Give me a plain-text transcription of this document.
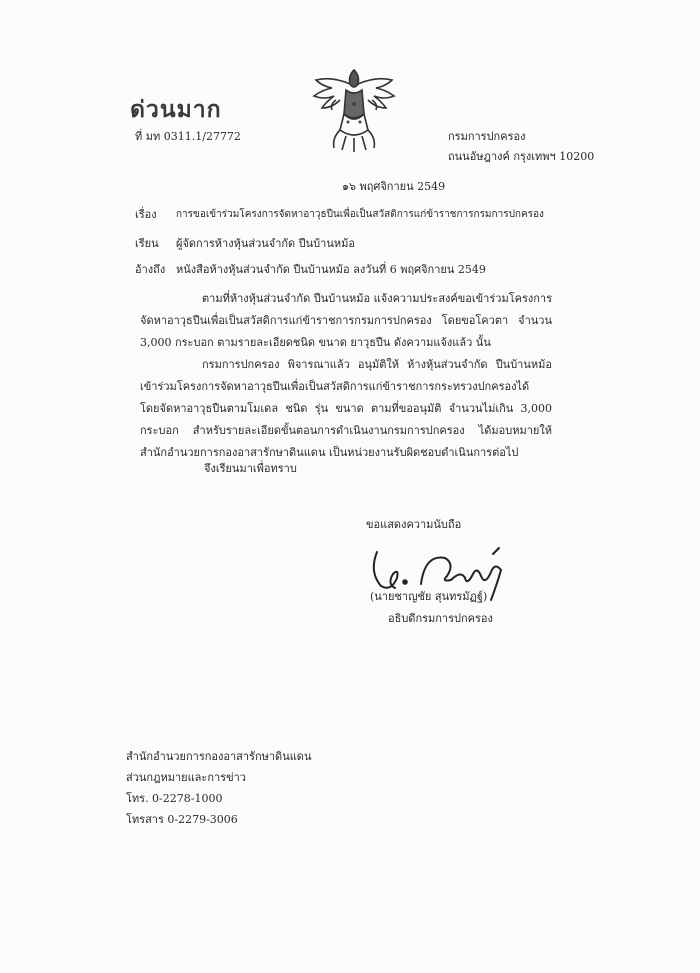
ด่วนมาก
ที่ มท 0311.1/27772	กรมการปกครอง
ถนนอัษฎางค์ กรุงเทพฯ 10200
๑๖ พฤศจิกายน 2549
เรื่อง การขอเข้าร่วมโครงการจัดหาอาวุธปืนเพื่อเป็นสวัสดิการแก่ข้าราชการกรมการปกครอง
เรียน ผู้จัดการห้างหุ้นส่วนจำกัด ปืนบ้านหม้อ
อ้างถึง หนังสือห้างหุ้นส่วนจำกัด ปืนบ้านหม้อ ลงวันที่ 6 พฤศจิกายน 2549
ตามที่ห้างหุ้นส่วนจำกัด ปืนบ้านหม้อ แจ้งความประสงค์ขอเข้าร่วมโครงการจัดหาอาวุธปืนเพื่อเป็นสวัสดิการแก่ข้าราชการกรมการปกครอง โดยขอโควตา จำนวน 3,000 กระบอก ตามรายละเอียดชนิด ขนาด ยาวุธปืน ดังความแจ้งแล้ว นั้น
กรมการปกครอง พิจารณาแล้ว อนุมัติให้ ห้างหุ้นส่วนจำกัด ปืนบ้านหม้อ เข้าร่วมโครงการจัดหาอาวุธปืนเพื่อเป็นสวัสดิการแก่ข้าราชการกระทรวงปกครองได้ โดยจัดหาอาวุธปืนตามโมเดล ชนิด รุ่น ขนาด ตามที่ขออนุมัติ จำนวนไม่เกิน 3,000 กระบอก สำหรับรายละเอียดขั้นตอนการดำเนินงานกรมการปกครอง ได้มอบหมายให้ สำนักอำนวยการกองอาสารักษาดินแดน เป็นหน่วยงานรับผิดชอบดำเนินการต่อไป
จึงเรียนมาเพื่อทราบ
ขอแสดงความนับถือ
(นายชาญชัย สุนทรมัฏฐ์)
อธิบดีกรมการปกครอง
สำนักอำนวยการกองอาสารักษาดินแดน
ส่วนกฎหมายและการข่าว
โทร. 0-2278-1000
โทรสาร 0-2279-3006
